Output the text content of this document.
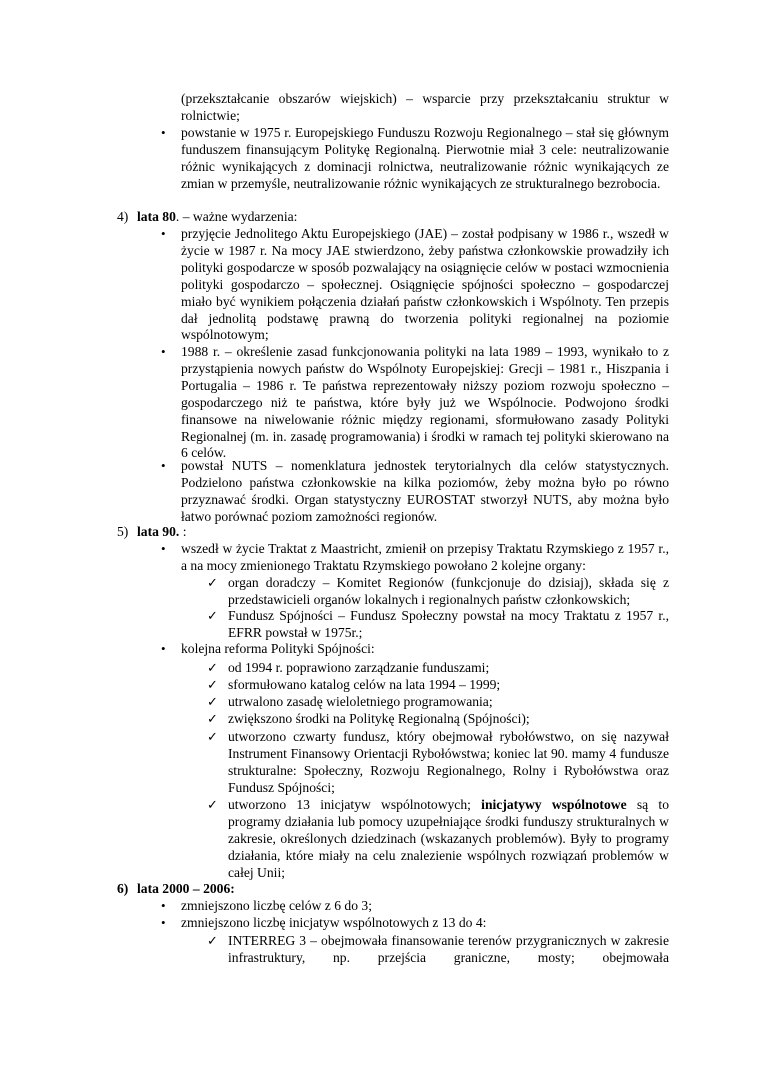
(przekształcanie obszarów wiejskich) – wsparcie przy przekształcaniu struktur w rolnictwie;

• powstanie w 1975 r. Europejskiego Funduszu Rozwoju Regionalnego – stał się głównym funduszem finansującym Politykę Regionalną. Pierwotnie miał 3 cele: neutralizowanie różnic wynikających z dominacji rolnictwa, neutralizowanie różnic wynikających ze zmian w przemyśle, neutralizowanie różnic wynikających ze strukturalnego bezrobocia.

4) lata 80. – ważne wydarzenia:

• przyjęcie Jednolitego Aktu Europejskiego (JAE) – został podpisany w 1986 r., wszedł w życie w 1987 r. Na mocy JAE stwierdzono, żeby państwa członkowskie prowadziły ich polityki gospodarcze w sposób pozwalający na osiągnięcie celów w postaci wzmocnienia polityki gospodarczo – społecznej. Osiągnięcie spójności społeczno – gospodarczej miało być wynikiem połączenia działań państw członkowskich i Wspólnoty. Ten przepis dał jednolitą podstawę prawną do tworzenia polityki regionalnej na poziomie wspólnotowym;

• 1988 r. – określenie zasad funkcjonowania polityki na lata 1989 – 1993, wynikało to z przystąpienia nowych państw do Wspólnoty Europejskiej: Grecji – 1981 r., Hiszpania i Portugalia – 1986 r. Te państwa reprezentowały niższy poziom rozwoju społeczno – gospodarczego niż te państwa, które były już we Wspólnocie. Podwojono środki finansowe na niwelowanie różnic między regionami, sformułowano zasady Polityki Regionalnej (m. in. zasadę programowania) i środki w ramach tej polityki skierowano na 6 celów.

• powstał NUTS – nomenklatura jednostek terytorialnych dla celów statystycznych. Podzielono państwa członkowskie na kilka poziomów, żeby można było po równo przyznawać środki. Organ statystyczny EUROSTAT stworzył NUTS, aby można było łatwo porównać poziom zamożności regionów.

5) lata 90. :

• wszedł w życie Traktat z Maastricht, zmienił on przepisy Traktatu Rzymskiego z 1957 r., a na mocy zmienionego Traktatu Rzymskiego powołano 2 kolejne organy:

✓ organ doradczy – Komitet Regionów (funkcjonuje do dzisiaj), składa się z przedstawicieli organów lokalnych i regionalnych państw członkowskich;

✓ Fundusz Spójności – Fundusz Społeczny powstał na mocy Traktatu z 1957 r., EFRR powstał w 1975r.;

• kolejna reforma Polityki Spójności:

✓ od 1994 r. poprawiono zarządzanie funduszami;

✓ sformułowano katalog celów na lata 1994 – 1999;

✓ utrwalono zasadę wieloletniego programowania;

✓ zwiększono środki na Politykę Regionalną (Spójności);

✓ utworzono czwarty fundusz, który obejmował rybołówstwo, on się nazywał Instrument Finansowy Orientacji Rybołówstwa; koniec lat 90. mamy 4 fundusze strukturalne: Społeczny, Rozwoju Regionalnego, Rolny i Rybołówstwa oraz Fundusz Spójności;

✓ utworzono 13 inicjatyw wspólnotowych; inicjatywy wspólnotowe są to programy działania lub pomocy uzupełniające środki funduszy strukturalnych w zakresie, określonych dziedzinach (wskazanych problemów). Były to programy działania, które miały na celu znalezienie wspólnych rozwiązań problemów w całej Unii;

6) lata 2000 – 2006:

• zmniejszono liczbę celów z 6 do 3;

• zmniejszono liczbę inicjatyw wspólnotowych z 13 do 4:

✓ INTERREG 3 – obejmowała finansowanie terenów przygranicznych w zakresie infrastruktury, np. przejścia graniczne, mosty; obejmowała
